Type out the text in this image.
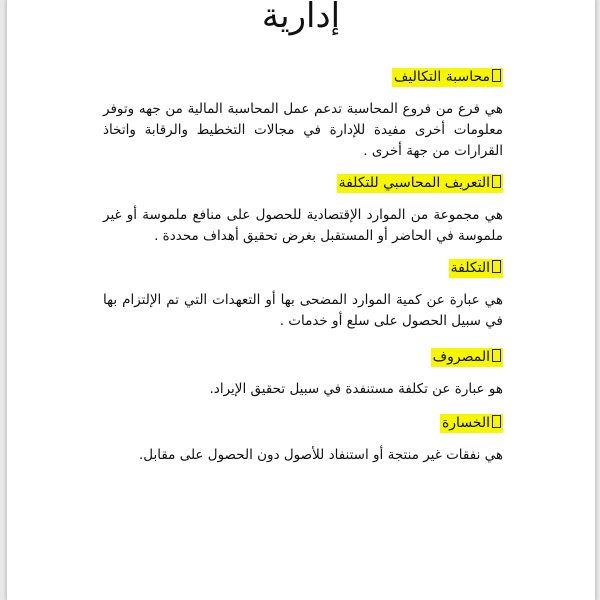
إدارية
محاسبة التكاليف

هي فرع من فروع المحاسبة تدعم عمل المحاسبة المالية من جهه وتوفر معلومات أخرى مفيدة للإدارة في مجالات التخطيط والرقابة واتخاذ القرارات من جهة أخرى .

التعريف المحاسبي للتكلفة

هي مجموعة من الموارد الإقتصادية للحصول على منافع ملموسة أو غير ملموسة في الحاضر أو المستقبل بغرض تحقيق أهداف محددة .

التكلفة

هي عبارة عن كمية الموارد المضحى بها أو التعهدات التي تم الإلتزام بها في سبيل الحصول على سلع أو خدمات .

المصروف

هو عبارة عن تكلفة مستنفدة في سبيل تحقيق الإيراد.

الخسارة

هي نفقات غير منتجة أو استنفاد للأصول دون الحصول على مقابل.
